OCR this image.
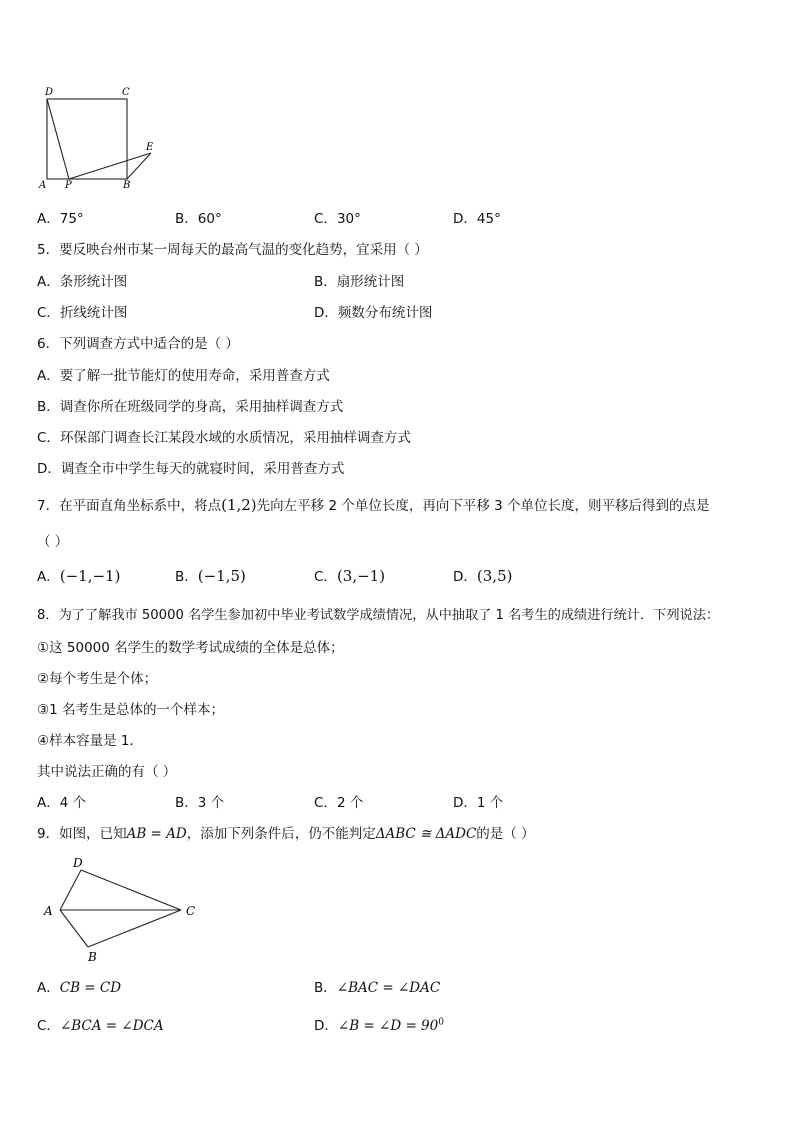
D	C
E
A P	B
A．75°	B．60°	C．30°	D．45°
5．要反映台州市某一周每天的最高气温的变化趋势，宜采用（ ）
A．条形统计图	B．扇形统计图
C．折线统计图	D．频数分布统计图
6．下列调查方式中适合的是（ ）
A．要了解一批节能灯的使用寿命，采用普查方式
B．调查你所在班级同学的身高，采用抽样调查方式
C．环保部门调查长江某段水域的水质情况，采用抽样调查方式
D．调查全市中学生每天的就寝时间，采用普查方式
7．在平面直角坐标系中，将点(1,2)先向左平移 2 个单位长度，再向下平移 3 个单位长度，则平移后得到的点是
（ ）
A．(−1,−1)	B．(−1,5)	C．(3,−1)	D．(3,5)
8．为了了解我市 50000 名学生参加初中毕业考试数学成绩情况，从中抽取了 1 名考生的成绩进行统计．下列说法：
①这 50000 名学生的数学考试成绩的全体是总体；
②每个考生是个体；
③1 名考生是总体的一个样本；
④样本容量是 1．
其中说法正确的有（ ）
A．4 个	B．3 个	C．2 个	D．1 个
9．如图，已知AB = AD，添加下列条件后，仍不能判定ΔABC ≅ ΔADC的是（ ）
D
A	C
B
A．CB = CD	B．∠BAC = ∠DAC
C．∠BCA = ∠DCA	D．∠B = ∠D = $90^0$
